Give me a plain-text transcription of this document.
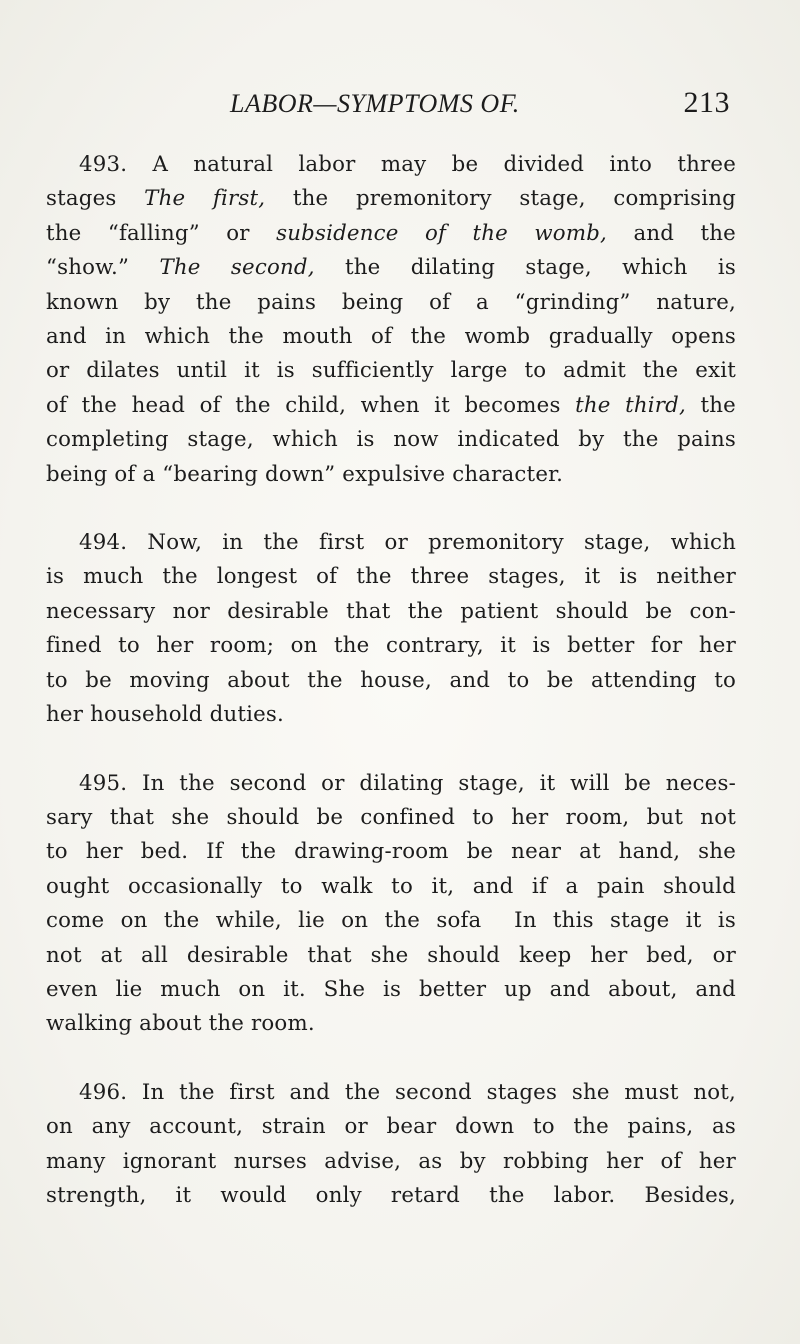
LABOR—SYMPTOMS OF.	213
493. A natural labor may be divided into three
stages The first, the premonitory stage, comprising
the “falling” or subsidence of the womb, and the
“show.” The second, the dilating stage, which is
known by the pains being of a “grinding” nature,
and in which the mouth of the womb gradually opens
or dilates until it is sufficiently large to admit the exit
of the head of the child, when it becomes the third, the
completing stage, which is now indicated by the pains
being of a “bearing down” expulsive character.
494. Now, in the first or premonitory stage, which
is much the longest of the three stages, it is neither
necessary nor desirable that the patient should be con-
fined to her room; on the contrary, it is better for her
to be moving about the house, and to be attending to
her household duties.
495. In the second or dilating stage, it will be neces-
sary that she should be confined to her room, but not
to her bed. If the drawing-room be near at hand, she
ought occasionally to walk to it, and if a pain should
come on the while, lie on the sofa  In this stage it is
not at all desirable that she should keep her bed, or
even lie much on it. She is better up and about, and
walking about the room.
496. In the first and the second stages she must not,
on any account, strain or bear down to the pains, as
many ignorant nurses advise, as by robbing her of her
strength, it would only retard the labor. Besides,
